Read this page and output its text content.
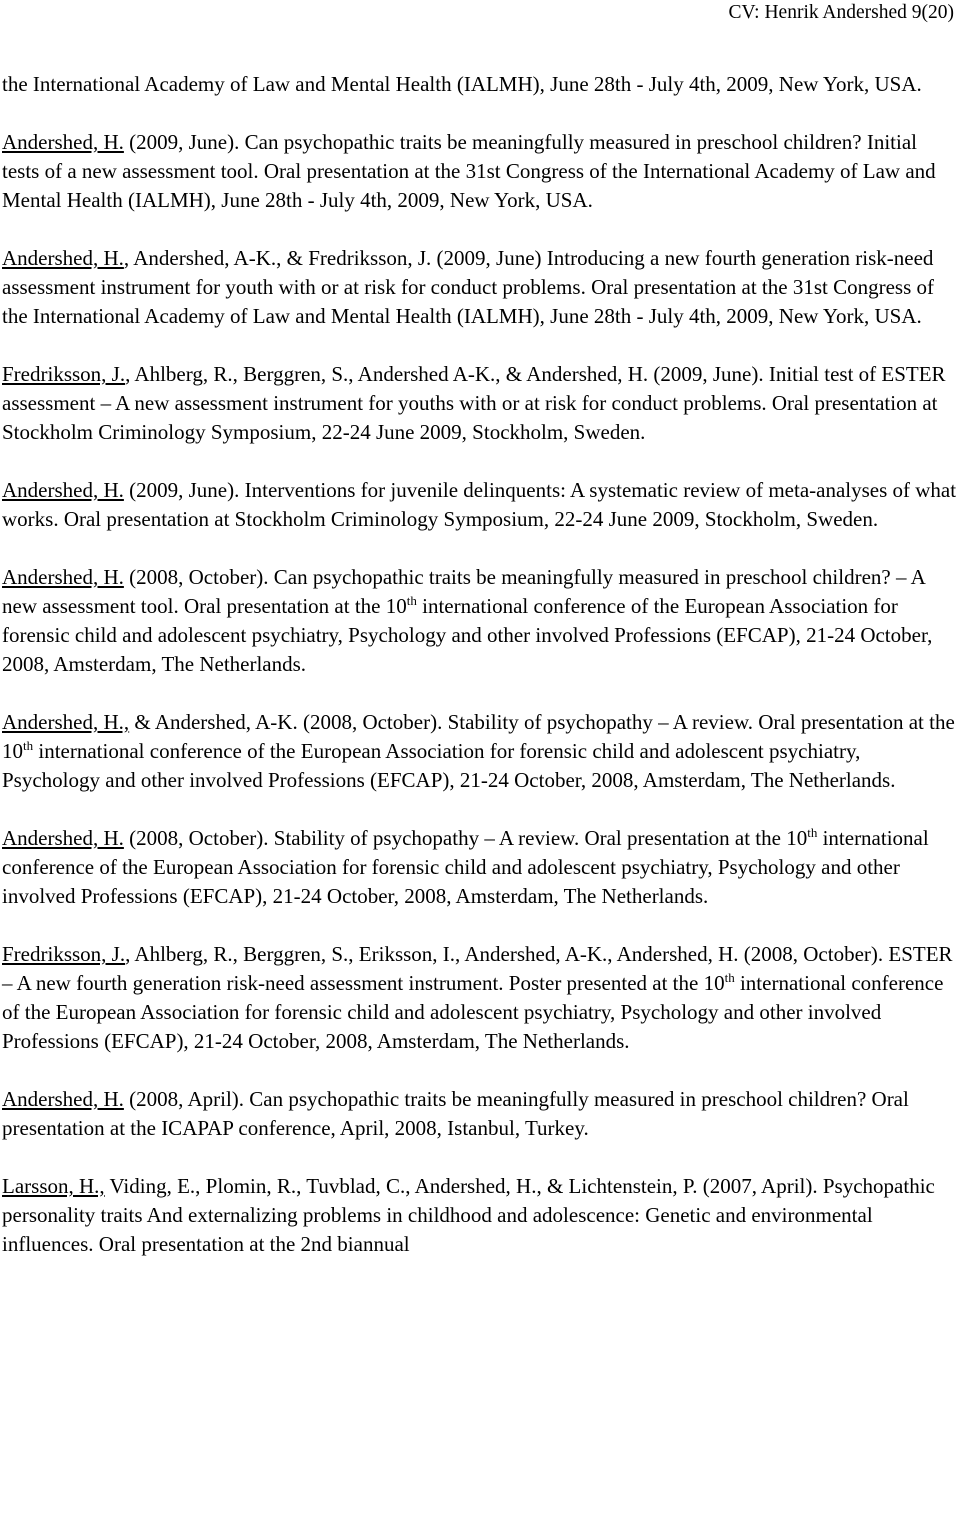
CV: Henrik Andershed 9(20)

the International Academy of Law and Mental Health (IALMH), June 28th - July 4th, 2009, New York, USA.

Andershed, H. (2009, June). Can psychopathic traits be meaningfully measured in preschool children? Initial tests of a new assessment tool. Oral presentation at the 31st Congress of the International Academy of Law and Mental Health (IALMH), June 28th - July 4th, 2009, New York, USA.

Andershed, H., Andershed, A-K., & Fredriksson, J. (2009, June) Introducing a new fourth generation risk-need assessment instrument for youth with or at risk for conduct problems. Oral presentation at the 31st Congress of the International Academy of Law and Mental Health (IALMH), June 28th - July 4th, 2009, New York, USA.

Fredriksson, J., Ahlberg, R., Berggren, S., Andershed A-K., & Andershed, H. (2009, June). Initial test of ESTER assessment – A new assessment instrument for youths with or at risk for conduct problems. Oral presentation at Stockholm Criminology Symposium, 22-24 June 2009, Stockholm, Sweden.

Andershed, H. (2009, June). Interventions for juvenile delinquents: A systematic review of meta-analyses of what works. Oral presentation at Stockholm Criminology Symposium, 22-24 June 2009, Stockholm, Sweden.

Andershed, H. (2008, October). Can psychopathic traits be meaningfully measured in preschool children? – A new assessment tool. Oral presentation at the 10th international conference of the European Association for forensic child and adolescent psychiatry, Psychology and other involved Professions (EFCAP), 21-24 October, 2008, Amsterdam, The Netherlands.

Andershed, H., & Andershed, A-K. (2008, October). Stability of psychopathy – A review. Oral presentation at the 10th international conference of the European Association for forensic child and adolescent psychiatry, Psychology and other involved Professions (EFCAP), 21-24 October, 2008, Amsterdam, The Netherlands.

Andershed, H. (2008, October). Stability of psychopathy – A review. Oral presentation at the 10th international conference of the European Association for forensic child and adolescent psychiatry, Psychology and other involved Professions (EFCAP), 21-24 October, 2008, Amsterdam, The Netherlands.

Fredriksson, J., Ahlberg, R., Berggren, S., Eriksson, I., Andershed, A-K., Andershed, H. (2008, October). ESTER – A new fourth generation risk-need assessment instrument. Poster presented at the 10th international conference of the European Association for forensic child and adolescent psychiatry, Psychology and other involved Professions (EFCAP), 21-24 October, 2008, Amsterdam, The Netherlands.

Andershed, H. (2008, April). Can psychopathic traits be meaningfully measured in preschool children? Oral presentation at the ICAPAP conference, April, 2008, Istanbul, Turkey.

Larsson, H., Viding, E., Plomin, R., Tuvblad, C., Andershed, H., & Lichtenstein, P. (2007, April). Psychopathic personality traits And externalizing problems in childhood and adolescence: Genetic and environmental influences. Oral presentation at the 2nd biannual
